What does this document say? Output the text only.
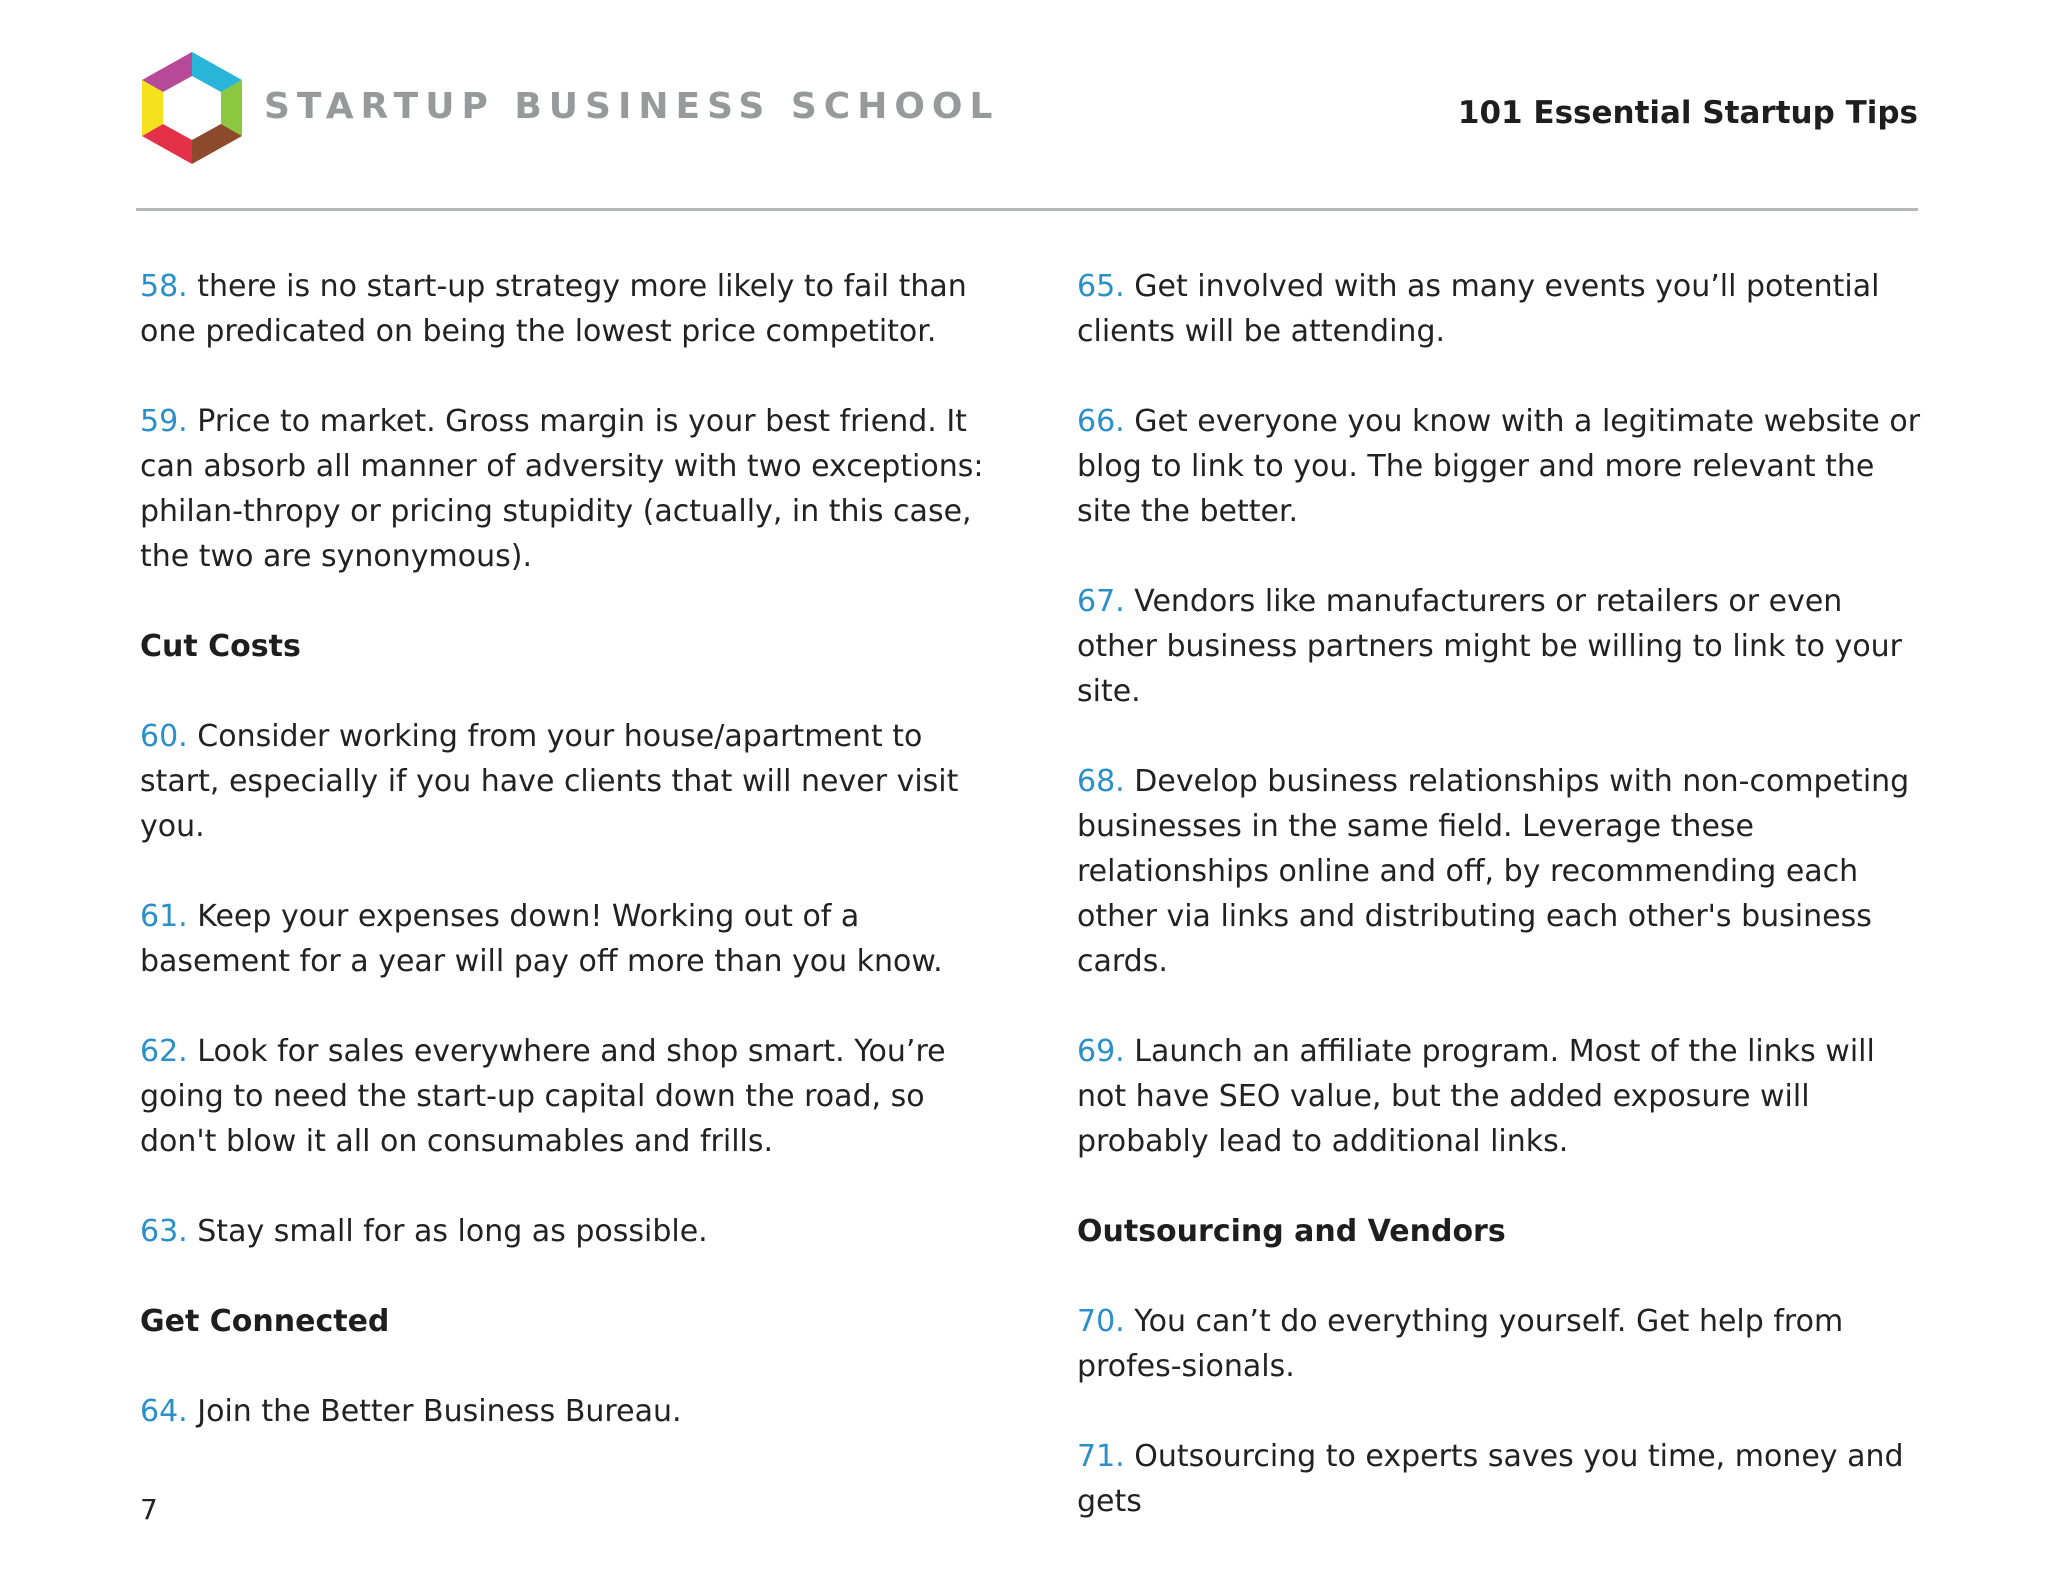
STARTUP BUSINESS SCHOOL	101 Essential Startup Tips
58. there is no start-up strategy more likely to fail than one predicated on being the lowest price competitor.
59. Price to market. Gross margin is your best friend. It can absorb all manner of adversity with two exceptions: philan-thropy or pricing stupidity (actually, in this case, the two are synonymous).
Cut Costs
60. Consider working from your house/apartment to start, especially if you have clients that will never visit you.
61. Keep your expenses down! Working out of a basement for a year will pay off more than you know.
62. Look for sales everywhere and shop smart. You’re going to need the start-up capital down the road, so don't blow it all on consumables and frills.
63. Stay small for as long as possible.
Get Connected
64. Join the Better Business Bureau.
65. Get involved with as many events you’ll potential clients will be attending.
66. Get everyone you know with a legitimate website or blog to link to you. The bigger and more relevant the site the better.
67. Vendors like manufacturers or retailers or even other business partners might be willing to link to your site.
68. Develop business relationships with non-competing businesses in the same field. Leverage these relationships online and off, by recommending each other via links and distributing each other's business cards.
69. Launch an affiliate program. Most of the links will not have SEO value, but the added exposure will probably lead to additional links.
Outsourcing and Vendors
70. You can’t do everything yourself. Get help from profes-sionals.
71. Outsourcing to experts saves you time, money and gets
7
